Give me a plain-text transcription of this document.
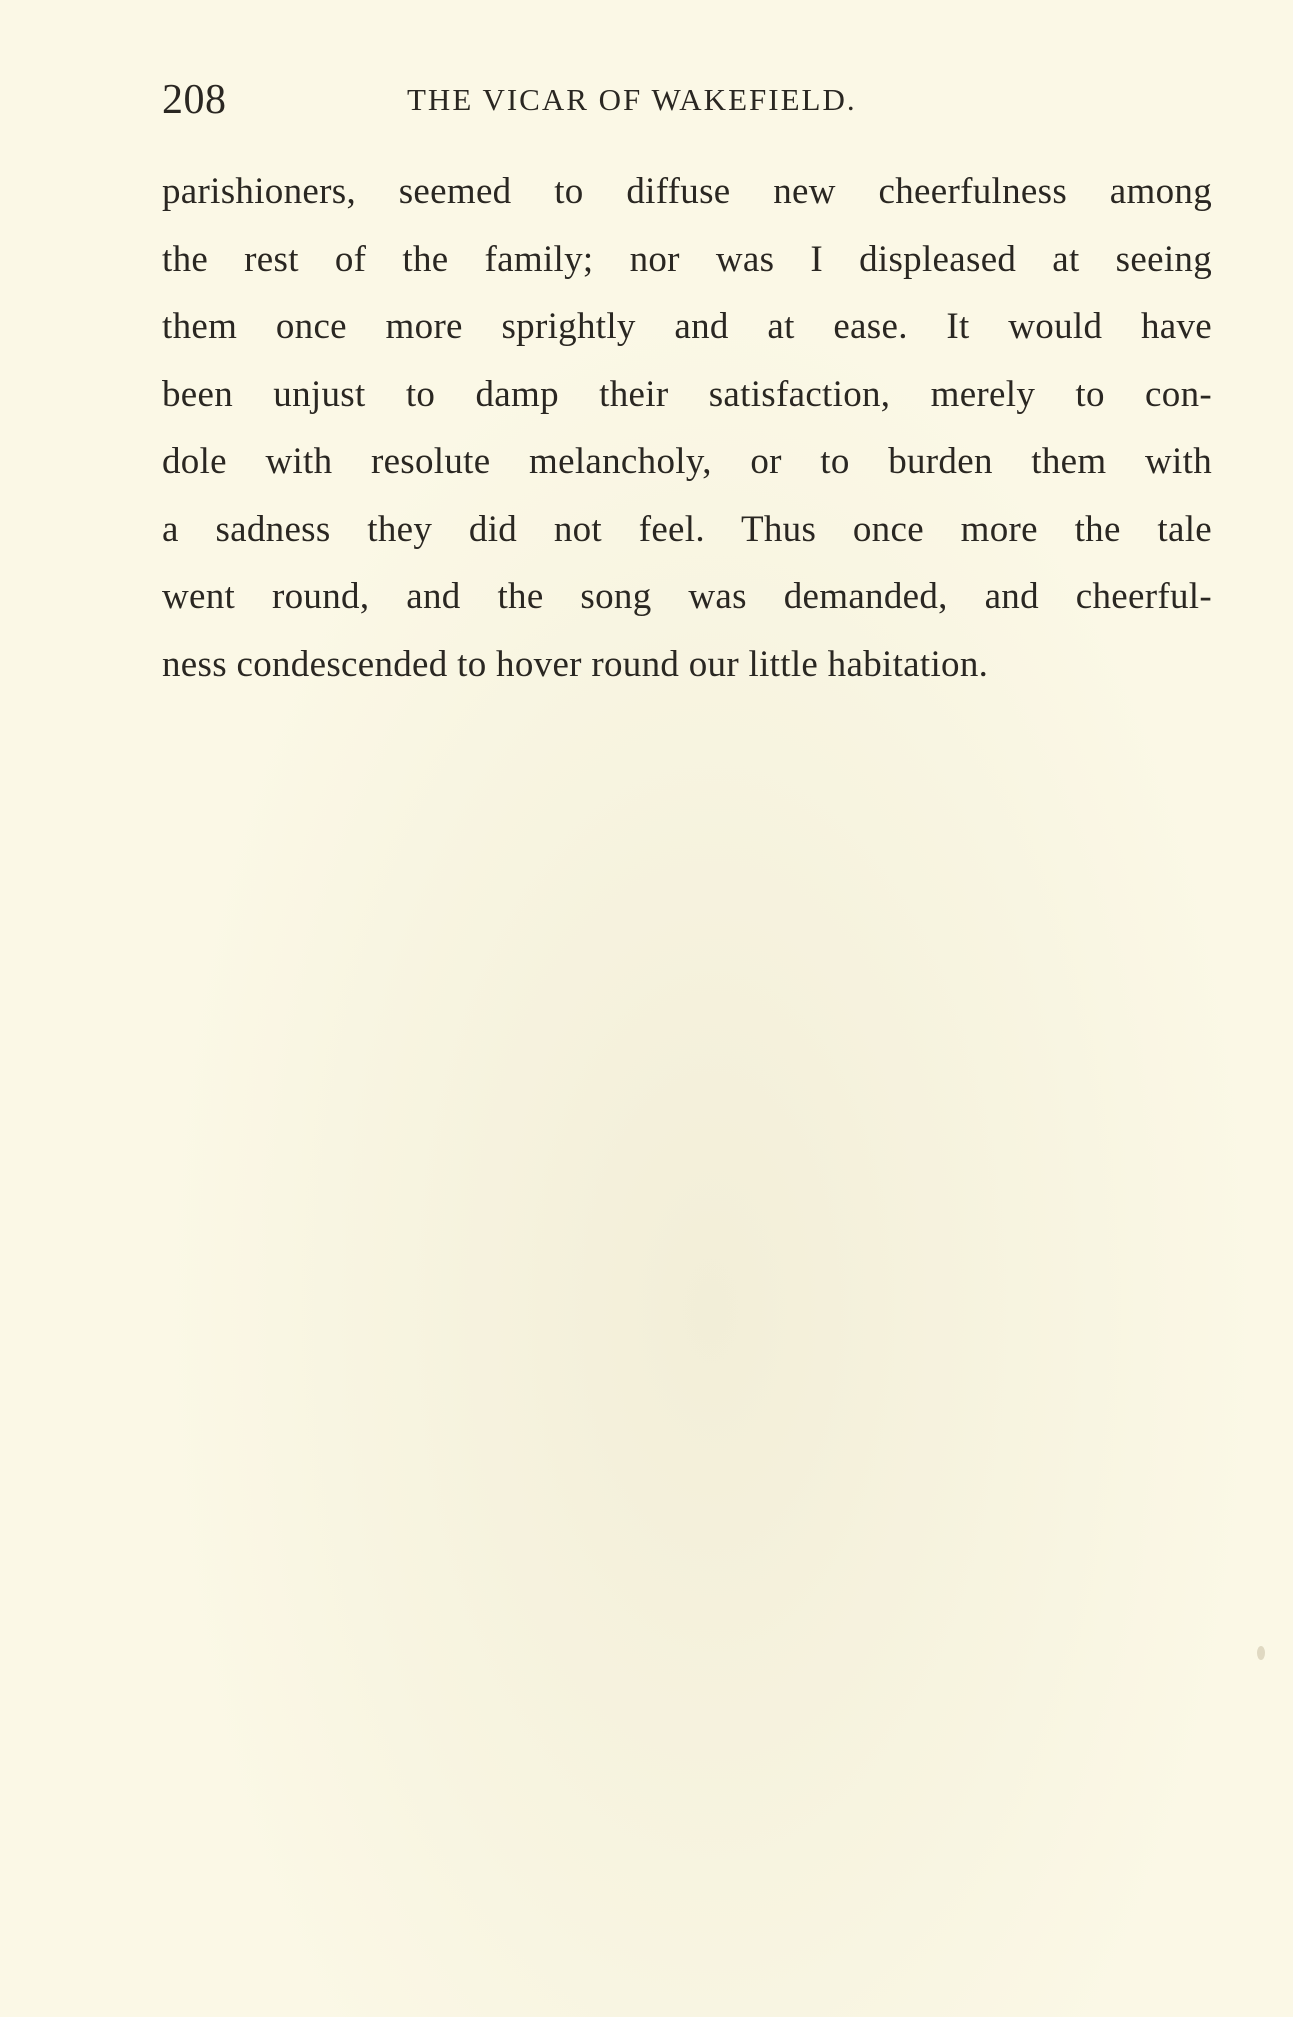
208	THE VICAR OF WAKEFIELD.
parishioners, seemed to diffuse new cheerfulness among
the rest of the family; nor was I displeased at seeing
them once more sprightly and at ease. It would have
been unjust to damp their satisfaction, merely to con-
dole with resolute melancholy, or to burden them with
a sadness they did not feel. Thus once more the tale
went round, and the song was demanded, and cheerful-
ness condescended to hover round our little habitation.
